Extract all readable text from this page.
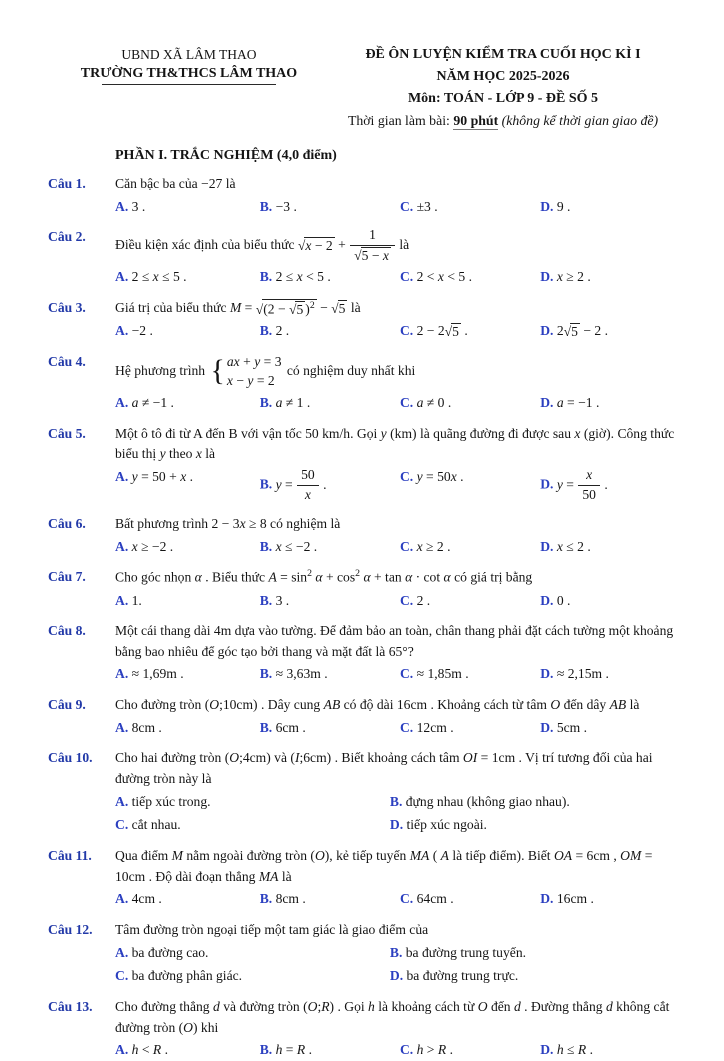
UBND XÃ LÂM THAO
TRƯỜNG TH&THCS LÂM THAO
ĐỀ ÔN LUYỆN KIỂM TRA CUỐI HỌC KÌ I
NĂM HỌC 2025-2026
Môn: TOÁN - LỚP 9 - ĐỀ SỐ 5
Thời gian làm bài: 90 phút (không kể thời gian giao đề)
PHẦN I. TRẮC NGHIỆM (4,0 điểm)
Câu 1.	Căn bậc ba của −27 là
A. 3 .	B. −3 .	C. ±3 .	D. 9 .
Câu 2.
Điều kiện xác định của biểu thức √ $x - 2 + \frac{1}{√ 5 - x}$ là
A. 2 ≤ x ≤ 5 .	B. 2 ≤ x < 5 .	C. 2 < x < 5 .	D. x ≥ 2 .
Câu 3.	Giá trị của biểu thức M = √ (2 − √ 5 )$^2$ − √ 5 là
A. −2 .	B. 2 .	C. 2 − 2 √ 5 .	D. 2 √ 5 − 2 .
Câu 4.
Hệ phương trình { ax + y = 3
x − y = 2
có nghiệm duy nhất khi
A. a ≠ −1 .	B. a ≠ 1 .	C. a ≠ 0 .	D. a = −1 .
Câu 5.	Một ô tô đi từ A đến B với vận tốc 50 km/h. Gọi y (km) là quãng đường đi được sau x (giờ). Công thức biểu thị y theo x là
A. y = 50 + x .
B. $y = \frac{50}{x}$ .
C. y = 50x .
D. $y = \frac{x}{50}$ .
Câu 6.	Bất phương trình 2 − 3x ≥ 8 có nghiệm là
A. x ≥ −2 .	B. x ≤ −2 .	C. x ≥ 2 .	D. x ≤ 2 .
Câu 7.	Cho góc nhọn α . Biểu thức $A = \sin^2 \alpha + \cos^2 \alpha + \tan \alpha \cdot \cot \alpha$ có giá trị bằng
A. 1.	B. 3 .	C. 2 .	D. 0 .
Câu 8.	Một cái thang dài 4m dựa vào tường. Để đảm bảo an toàn, chân thang phải đặt cách tường một khoảng bằng bao nhiêu để góc tạo bởi thang và mặt đất là 65°?
A. ≈ 1,69m .	B. ≈ 3,63m .	C. ≈ 1,85m .	D. ≈ 2,15m .
Câu 9.	Cho đường tròn (O;10cm) . Dây cung AB có độ dài 16cm . Khoảng cách từ tâm O đến dây AB là
A. 8cm .	B. 6cm .	C. 12cm .	D. 5cm .
Câu 10.	Cho hai đường tròn (O;4cm) và (I;6cm) . Biết khoảng cách tâm OI = 1cm . Vị trí tương đối của hai đường tròn này là
A. tiếp xúc trong.	B. đựng nhau (không giao nhau).
C. cắt nhau.	D. tiếp xúc ngoài.
Câu 11.	Qua điểm M nằm ngoài đường tròn (O), kẻ tiếp tuyến MA ( A là tiếp điểm). Biết OA = 6cm , OM = 10cm . Độ dài đoạn thẳng MA là
A. 4cm .	B. 8cm .	C. 64cm .	D. 16cm .
Câu 12.	Tâm đường tròn ngoại tiếp một tam giác là giao điểm của
A. ba đường cao.	B. ba đường trung tuyến.
C. ba đường phân giác.	D. ba đường trung trực.
Câu 13.	Cho đường thẳng d và đường tròn (O;R) . Gọi h là khoảng cách từ O đến d . Đường thẳng d không cắt đường tròn (O) khi
A. h < R .	B. h = R .	C. h > R .	D. h ≤ R .
